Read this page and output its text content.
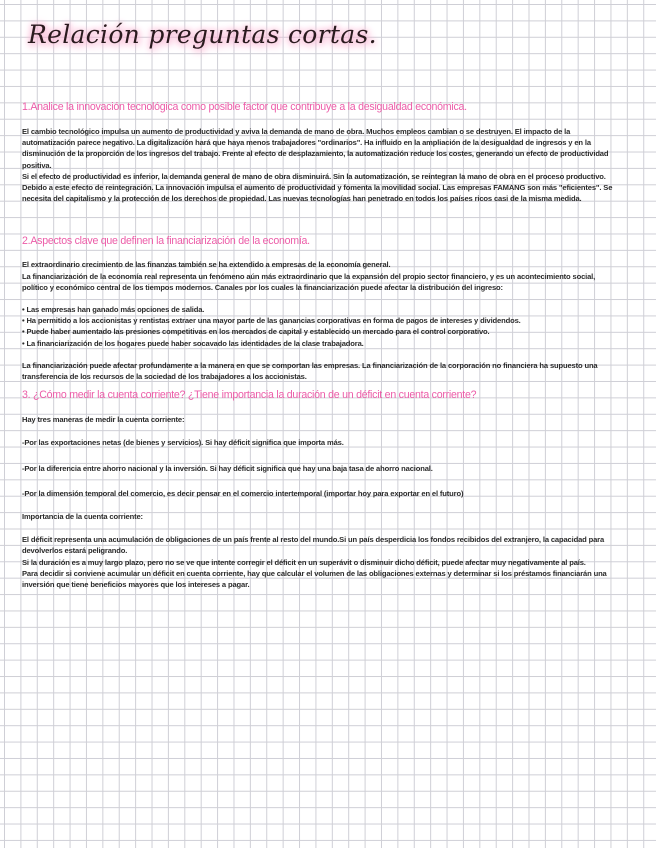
Relación preguntas cortas.

1.Analice la innovación tecnológica como posible factor que contribuye a la desigualdad económica.

El cambio tecnológico impulsa un aumento de productividad y aviva la demanda de mano de obra. Muchos empleos cambian o se destruyen. El impacto de la automatización parece negativo. La digitalización hará que haya menos trabajadores "ordinarios". Ha influido en la ampliación de la desigualdad de ingresos y en la disminución de la proporción de los ingresos del trabajo. Frente al efecto de desplazamiento, la automatización reduce los costes, generando un efecto de productividad positiva.

Si el efecto de productividad es inferior, la demanda general de mano de obra disminuirá. Sin la automatización, se reintegran la mano de obra en el proceso productivo. Debido a este efecto de reintegración. La innovación impulsa el aumento de productividad y fomenta la movilidad social. Las empresas FAMANG son más "eficientes". Se necesita del capitalismo y la protección de los derechos de propiedad. Las nuevas tecnologías han penetrado en todos los países ricos casi de la misma medida.

2.Aspectos clave que definen la financiarización de la economía.

El extraordinario crecimiento de las finanzas también se ha extendido a empresas de la economía general.

La financiarización de la economía real representa un fenómeno aún más extraordinario que la expansión del propio sector financiero, y es un acontecimiento social, político y económico central de los tiempos modernos. Canales por los cuales la financiarización puede afectar la distribución del ingreso:

• Las empresas han ganado más opciones de salida.
• Ha permitido a los accionistas y rentistas extraer una mayor parte de las ganancias corporativas en forma de pagos de intereses y dividendos.
• Puede haber aumentado las presiones competitivas en los mercados de capital y establecido un mercado para el control corporativo.
• La financiarización de los hogares puede haber socavado las identidades de la clase trabajadora.

La financiarización puede afectar profundamente a la manera en que se comportan las empresas. La financiarización de la corporación no financiera ha supuesto una transferencia de los recursos de la sociedad de los trabajadores a los accionistas.

3. ¿Cómo medir la cuenta corriente? ¿Tiene importancia la duración de un déficit en cuenta corriente?

Hay tres maneras de medir la cuenta corriente:

-Por las exportaciones netas (de bienes y servicios). Si hay déficit significa que importa más.

-Por la diferencia entre ahorro nacional y la inversión. Si hay déficit significa que hay una baja tasa de ahorro nacional.

-Por la dimensión temporal del comercio, es decir pensar en el comercio intertemporal (importar hoy para exportar en el futuro)

Importancia de la cuenta corriente:

El déficit representa una acumulación de obligaciones de un país frente al resto del mundo.Si un país desperdicia los fondos recibidos del extranjero, la capacidad para devolverlos estará peligrando.

Si la duración es a muy largo plazo, pero no se ve que intente corregir el déficit en un superávit o disminuir dicho déficit, puede afectar muy negativamente al país.

Para decidir si conviene acumular un déficit en cuenta corriente, hay que calcular el volumen de las obligaciones externas y determinar si los préstamos financiarán una inversión que tiene beneficios mayores que los intereses a pagar.
